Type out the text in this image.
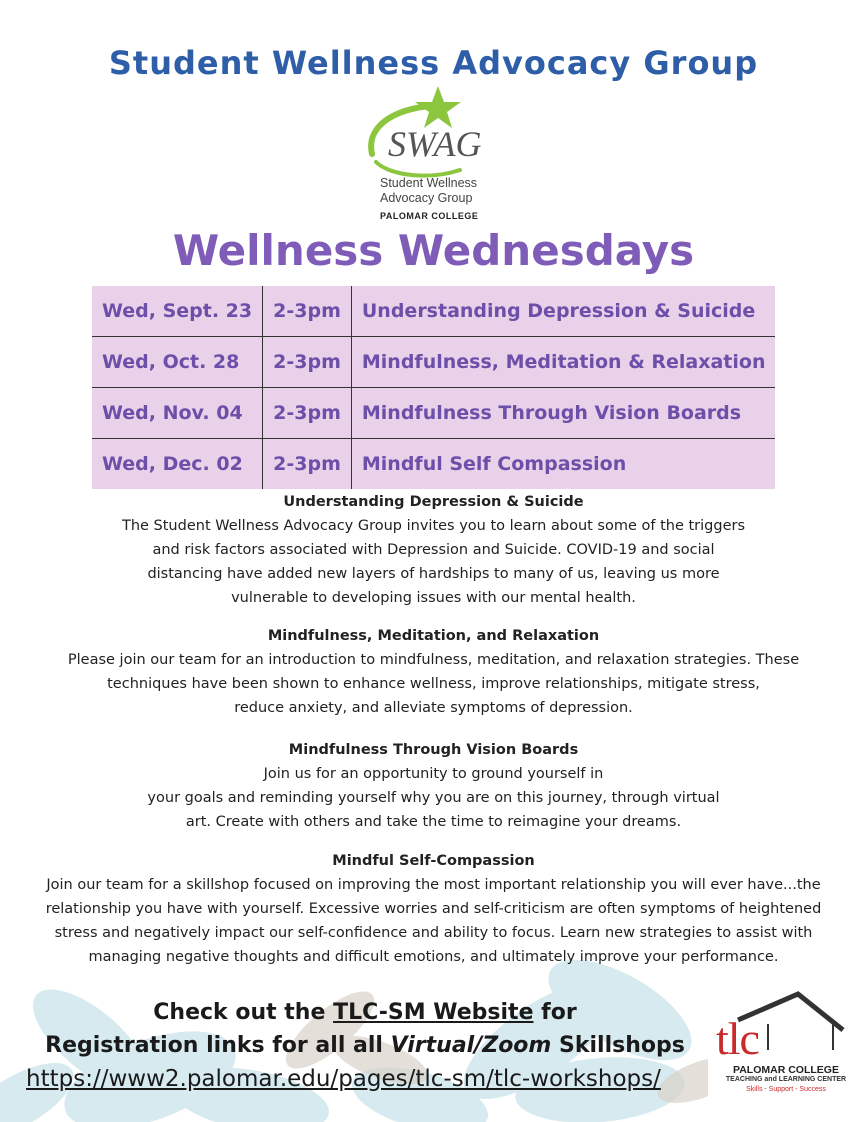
Student Wellness Advocacy Group
SWAG
Student Wellness
Advocacy Group
PALOMAR COLLEGE
Wellness Wednesdays
Wed, Sept. 23	2-3pm	Understanding Depression & Suicide
Wed, Oct. 28	2-3pm	Mindfulness, Meditation & Relaxation
Wed, Nov. 04	2-3pm	Mindfulness Through Vision Boards
Wed, Dec. 02	2-3pm	Mindful Self Compassion
Understanding Depression & Suicide
The Student Wellness Advocacy Group invites you to learn about some of the triggers
and risk factors associated with Depression and Suicide. COVID-19 and social
distancing have added new layers of hardships to many of us, leaving us more
vulnerable to developing issues with our mental health.
Mindfulness, Meditation, and Relaxation
Please join our team for an introduction to mindfulness, meditation, and relaxation strategies. These
techniques have been shown to enhance wellness, improve relationships, mitigate stress,
reduce anxiety, and alleviate symptoms of depression.
Mindfulness Through Vision Boards
Join us for an opportunity to ground yourself in
your goals and reminding yourself why you are on this journey, through virtual
art. Create with others and take the time to reimagine your dreams.
Mindful Self-Compassion
Join our team for a skillshop focused on improving the most important relationship you will ever have...the
relationship you have with yourself. Excessive worries and self-criticism are often symptoms of heightened
stress and negatively impact our self-confidence and ability to focus. Learn new strategies to assist with
managing negative thoughts and difficult emotions, and ultimately improve your performance.
Check out the TLC-SM Website for
Registration links for all all Virtual/Zoom Skillshops
https://www2.palomar.edu/pages/tlc-sm/tlc-workshops/
tlc
PALOMAR COLLEGE
TEACHING and LEARNING CENTER
Skills - Support - Success
